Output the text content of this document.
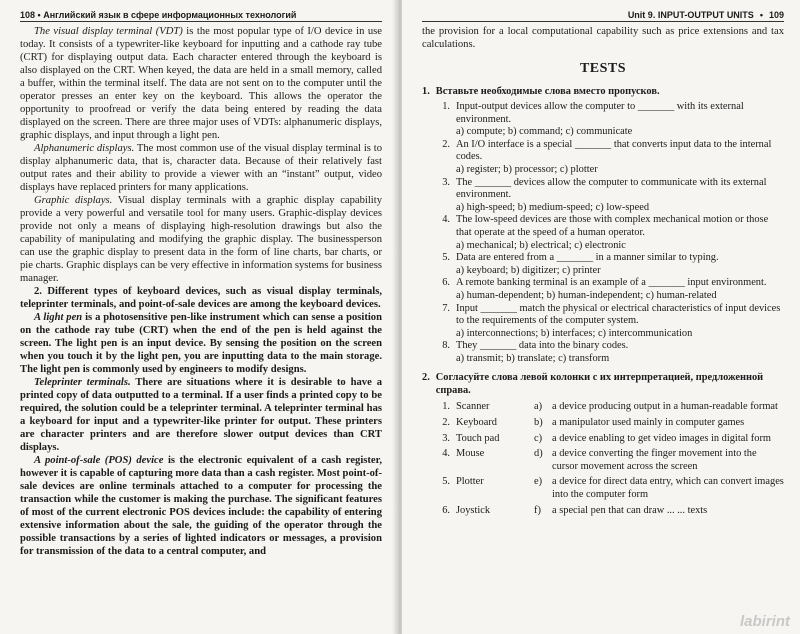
108 • Английский язык в сфере информационных технологий

The visual display terminal (VDT) is the most popular type of I/O device in use today. It consists of a typewriter-like keyboard for inputting and a cathode ray tube (CRT) for displaying output data. Each character entered through the keyboard is also displayed on the CRT. When keyed, the data are held in a small memory, called a buffer, within the terminal itself. The data are not sent on to the computer until the operator presses an enter key on the keyboard. This allows the operator the opportunity to proofread or verify the data being entered by reading the data displayed on the screen. There are three major uses of VDTs: alphanumeric displays, graphic displays, and input through a light pen.

Alphanumeric displays. The most common use of the visual display terminal is to display alphanumeric data, that is, character data. Because of their relatively fast output rates and their ability to provide a viewer with an “instant” output, video displays have replaced printers for many applications.

Graphic displays. Visual display terminals with a graphic display capability provide a very powerful and versatile tool for many users. Graphic-display devices provide not only a means of displaying high-resolution drawings but also the capability of manipulating and modifying the graphic display. The businessperson can use the graphic display to present data in the form of line charts, bar charts, or pie charts. Graphic displays can be very effective in information systems for business manager.

2. Different types of keyboard devices, such as visual display terminals, teleprinter terminals, and point-of-sale devices are among the keyboard devices.

A light pen is a photosensitive pen-like instrument which can sense a position on the cathode ray tube (CRT) when the end of the pen is held against the screen. The light pen is an input device. By sensing the position on the screen when you touch it by the light pen, you are inputting data to the main storage. The light pen is commonly used by engineers to modify designs.

Teleprinter terminals. There are situations where it is desirable to have a printed copy of data outputted to a terminal. If a user finds a printed copy to be required, the solution could be a teleprinter terminal. A teleprinter terminal has a keyboard for input and a typewriter-like printer for output. These printers are character printers and are therefore slower output devices than CRT displays.

A point-of-sale (POS) device is the electronic equivalent of a cash register, however it is capable of capturing more data than a cash register. Most point-of-sale devices are online terminals attached to a computer for processing the transaction while the customer is making the purchase. The significant features of most of the current electronic POS devices include: the capability of entering extensive information about the sale, the guiding of the operator through the possible transactions by a series of lighted indicators or messages, a provision for transmission of the data to a central computer, and

Unit 9. INPUT-OUTPUT UNITS • 109

the provision for a local computational capability such as price extensions and tax calculations.

TESTS
1. Вставьте необходимые слова вместо пропусков.
1. Input-output devices allow the computer to _______ with its external environment.
a) compute; b) command; c) communicate
2. An I/O interface is a special _______ that converts input data to the internal codes.
a) register; b) processor; c) plotter
3. The _______ devices allow the computer to communicate with its external environment.
a) high-speed; b) medium-speed; c) low-speed
4. The low-speed devices are those with complex mechanical motion or those that operate at the speed of a human operator.
a) mechanical; b) electrical; c) electronic
5. Data are entered from a _______ in a manner similar to typing.
a) keyboard; b) digitizer; c) printer
6. A remote banking terminal is an example of a _______ input environment.
a) human-dependent; b) human-independent; c) human-related
7. Input _______ match the physical or electrical characteristics of input devices to the requirements of the computer system.
a) interconnections; b) interfaces; c) intercommunication
8. They _______ data into the binary codes.
a) transmit; b) translate; c) transform
2. Согласуйте слова левой колонки с их интерпретацией, предложенной справа.
1. Scanner	a) a device producing output in a human-readable format
2. Keyboard	b) a manipulator used mainly in computer games
3. Touch pad	c) a device enabling to get video images in digital form
4. Mouse	d) a device converting the finger movement into the cursor movement across the screen
5. Plotter	e) a device for direct data entry, which can convert images into the computer form
6. Joystick	f)	a special pen that can draw ... ... texts
labirint
